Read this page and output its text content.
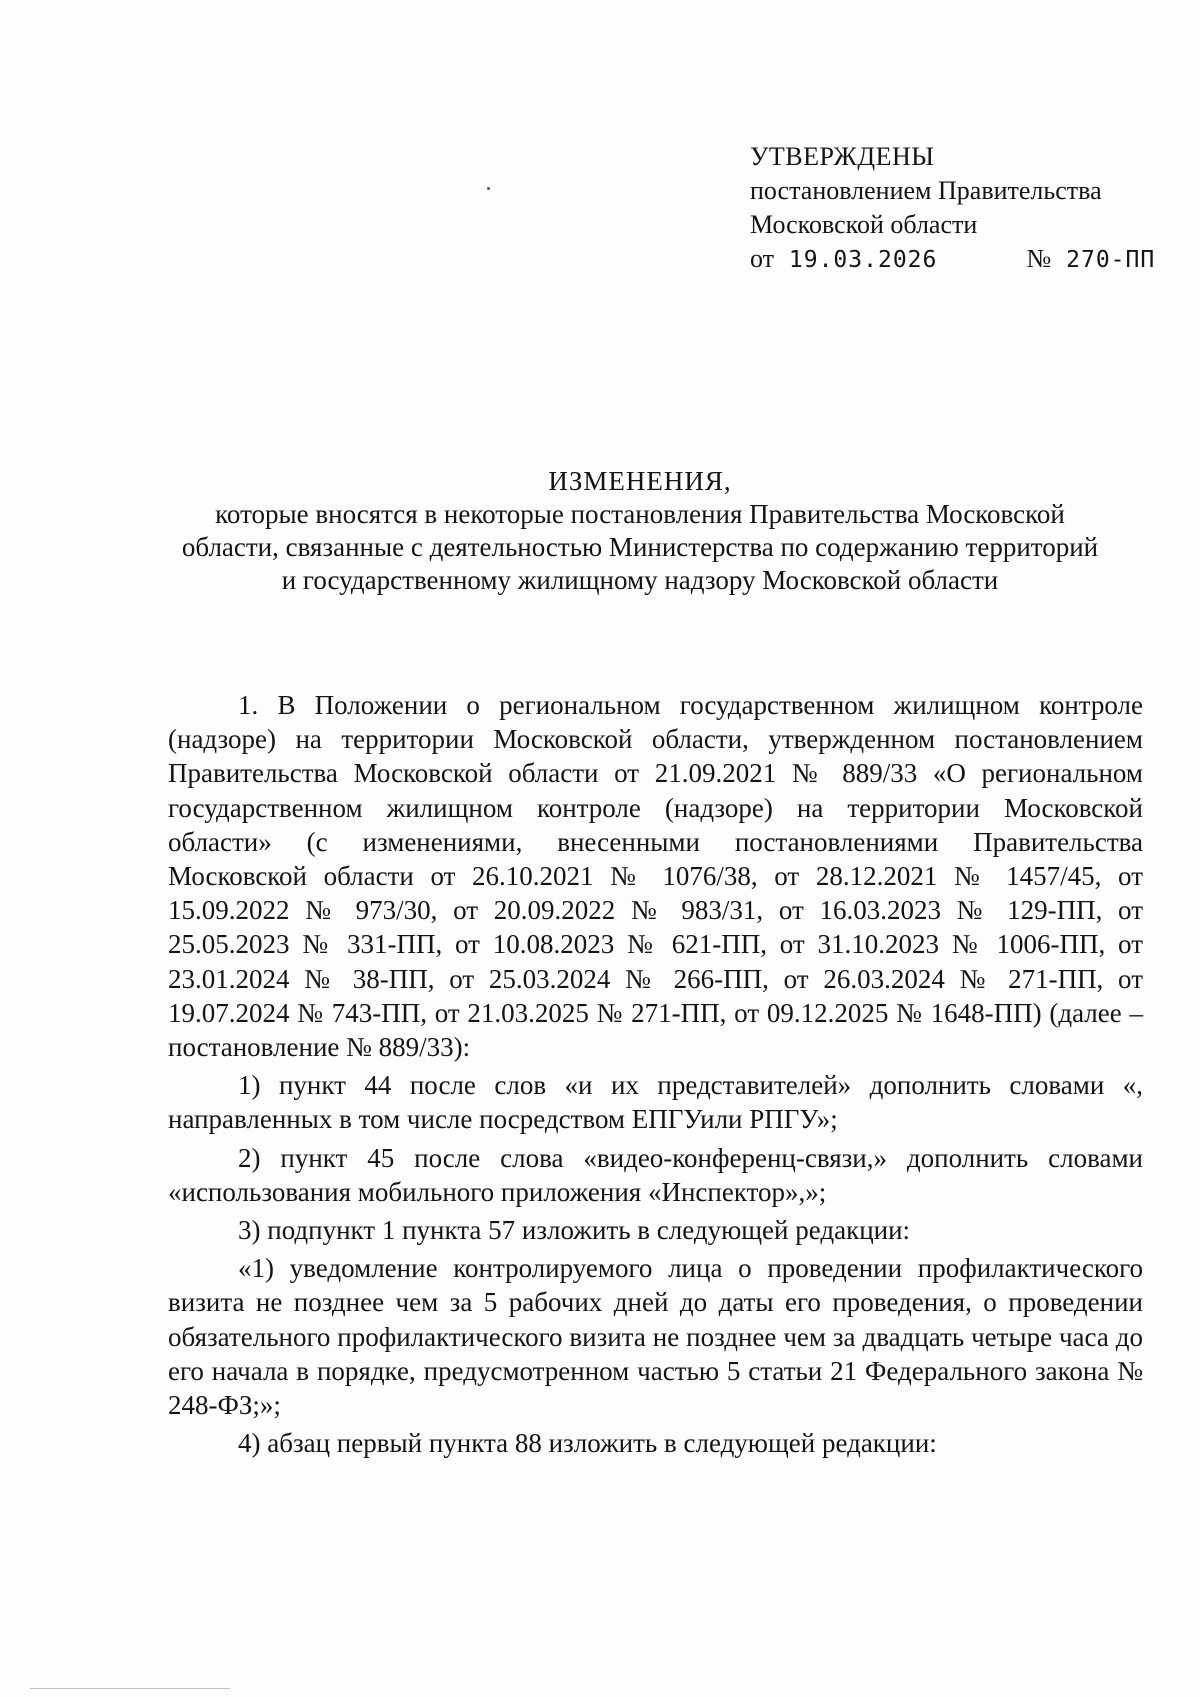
УТВЕРЖДЕНЫ
постановлением Правительства
Московской области
от 19.03.2026	№ 270-ПП
ИЗМЕНЕНИЯ,
которые вносятся в некоторые постановления Правительства Московской
области, связанные с деятельностью Министерства по содержанию территорий
и государственному жилищному надзору Московской области

1. В Положении о региональном государственном жилищном контроле (надзоре) на территории Московской области, утвержденном постановлением Правительства Московской области от 21.09.2021 № 889/33 «О региональном государственном жилищном контроле (надзоре) на территории Московской области» (с изменениями, внесенными постановлениями Правительства Московской области от 26.10.2021 № 1076/38, от 28.12.2021 № 1457/45, от 15.09.2022 № 973/30, от 20.09.2022 № 983/31, от 16.03.2023 № 129-ПП, от 25.05.2023 № 331-ПП, от 10.08.2023 № 621-ПП, от 31.10.2023 № 1006-ПП, от 23.01.2024 № 38-ПП, от 25.03.2024 № 266-ПП, от 26.03.2024 № 271-ПП, от 19.07.2024 № 743-ПП, от 21.03.2025 № 271-ПП, от 09.12.2025 № 1648-ПП) (далее – постановление № 889/33):

1) пункт 44 после слов «и их представителей» дополнить словами «, направленных в том числе посредством ЕПГУили РПГУ»;

2) пункт 45 после слова «видео-конференц-связи,» дополнить словами «использования мобильного приложения «Инспектор»,»;

3) подпункт 1 пункта 57 изложить в следующей редакции:

«1) уведомление контролируемого лица о проведении профилактического визита не позднее чем за 5 рабочих дней до даты его проведения, о проведении обязательного профилактического визита не позднее чем за двадцать четыре часа до его начала в порядке, предусмотренном частью 5 статьи 21 Федерального закона № 248-ФЗ;»;

4) абзац первый пункта 88 изложить в следующей редакции:
